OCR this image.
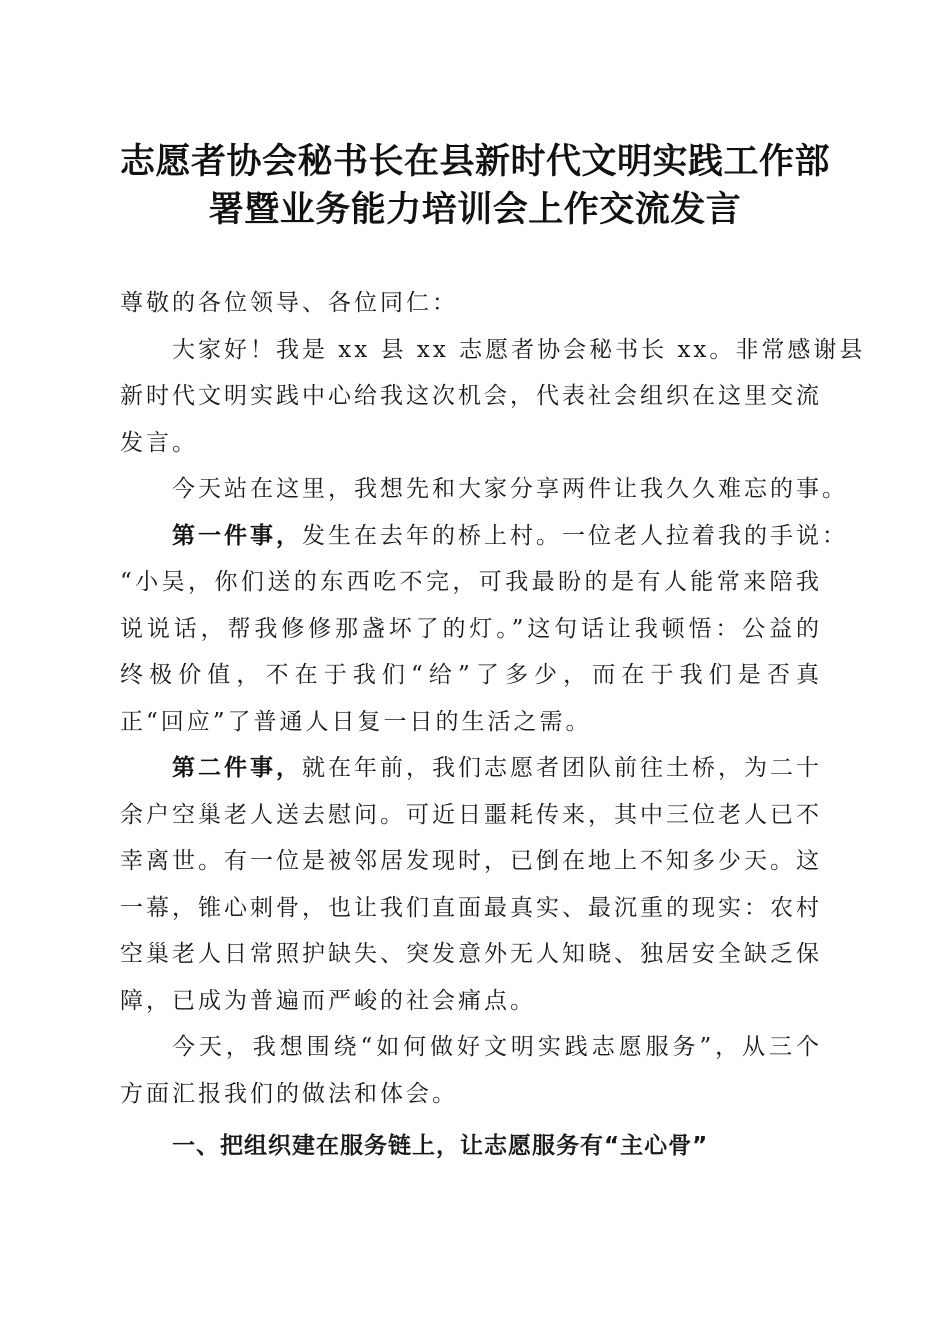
志愿者协会秘书长在县新时代文明实践工作部
署暨业务能力培训会上作交流发言
尊敬的各位领导、各位同仁：
大家好！我是 xx 县 xx 志愿者协会秘书长 xx。非常感谢县
新时代文明实践中心给我这次机会，代表社会组织在这里交流
发言。
今天站在这里，我想先和大家分享两件让我久久难忘的事。
第一件事，发生在去年的桥上村。一位老人拉着我的手说：
“小吴，你们送的东西吃不完，可我最盼的是有人能常来陪我
说说话，帮我修修那盏坏了的灯。”这句话让我顿悟：公益的
终极价值，不在于我们“给”了多少，而在于我们是否真
正“回应”了普通人日复一日的生活之需。
第二件事，就在年前，我们志愿者团队前往土桥，为二十
余户空巢老人送去慰问。可近日噩耗传来，其中三位老人已不
幸离世。有一位是被邻居发现时，已倒在地上不知多少天。这
一幕，锥心刺骨，也让我们直面最真实、最沉重的现实：农村
空巢老人日常照护缺失、突发意外无人知晓、独居安全缺乏保
障，已成为普遍而严峻的社会痛点。
今天，我想围绕“如何做好文明实践志愿服务”，从三个
方面汇报我们的做法和体会。
一、把组织建在服务链上，让志愿服务有“主心骨”
